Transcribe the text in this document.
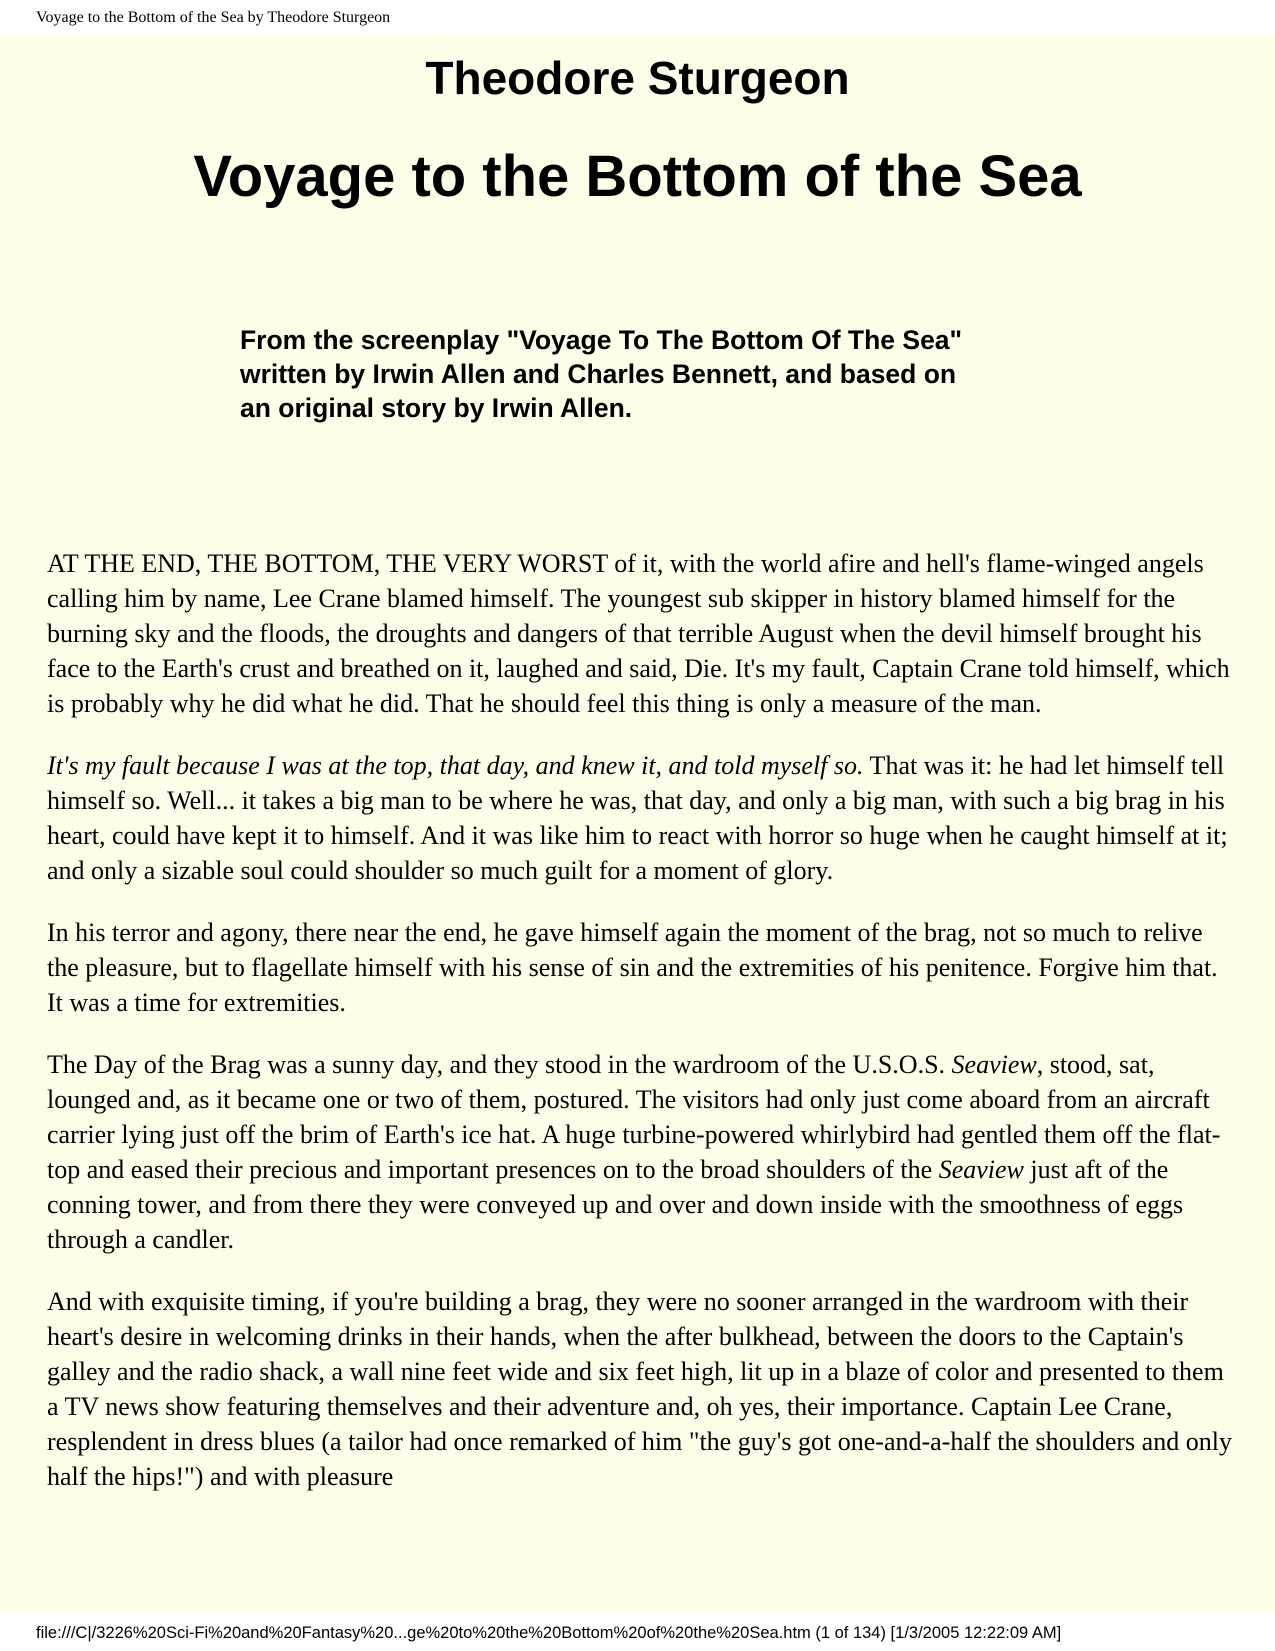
Voyage to the Bottom of the Sea by Theodore Sturgeon
Theodore Sturgeon
Voyage to the Bottom of the Sea

From the screenplay "Voyage To The Bottom Of The Sea" written by Irwin Allen and Charles Bennett, and based on an original story by Irwin Allen.

AT THE END, THE BOTTOM, THE VERY WORST of it, with the world afire and hell's flame-winged angels calling him by name, Lee Crane blamed himself. The youngest sub skipper in history blamed himself for the burning sky and the floods, the droughts and dangers of that terrible August when the devil himself brought his face to the Earth's crust and breathed on it, laughed and said, Die. It's my fault, Captain Crane told himself, which is probably why he did what he did. That he should feel this thing is only a measure of the man.

It's my fault because I was at the top, that day, and knew it, and told myself so. That was it: he had let himself tell himself so. Well... it takes a big man to be where he was, that day, and only a big man, with such a big brag in his heart, could have kept it to himself. And it was like him to react with horror so huge when he caught himself at it; and only a sizable soul could shoulder so much guilt for a moment of glory.

In his terror and agony, there near the end, he gave himself again the moment of the brag, not so much to relive the pleasure, but to flagellate himself with his sense of sin and the extremities of his penitence. Forgive him that. It was a time for extremities.

The Day of the Brag was a sunny day, and they stood in the wardroom of the U.S.O.S. Seaview, stood, sat, lounged and, as it became one or two of them, postured. The visitors had only just come aboard from an aircraft carrier lying just off the brim of Earth's ice hat. A huge turbine-powered whirlybird had gentled them off the flat-top and eased their precious and important presences on to the broad shoulders of the Seaview just aft of the conning tower, and from there they were conveyed up and over and down inside with the smoothness of eggs through a candler.

And with exquisite timing, if you're building a brag, they were no sooner arranged in the wardroom with their heart's desire in welcoming drinks in their hands, when the after bulkhead, between the doors to the Captain's galley and the radio shack, a wall nine feet wide and six feet high, lit up in a blaze of color and presented to them a TV news show featuring themselves and their adventure and, oh yes, their importance. Captain Lee Crane, resplendent in dress blues (a tailor had once remarked of him "the guy's got one-and-a-half the shoulders and only half the hips!") and with pleasure

file:///C|/3226%20Sci-Fi%20and%20Fantasy%20...ge%20to%20the%20Bottom%20of%20the%20Sea.htm (1 of 134) [1/3/2005 12:22:09 AM]
